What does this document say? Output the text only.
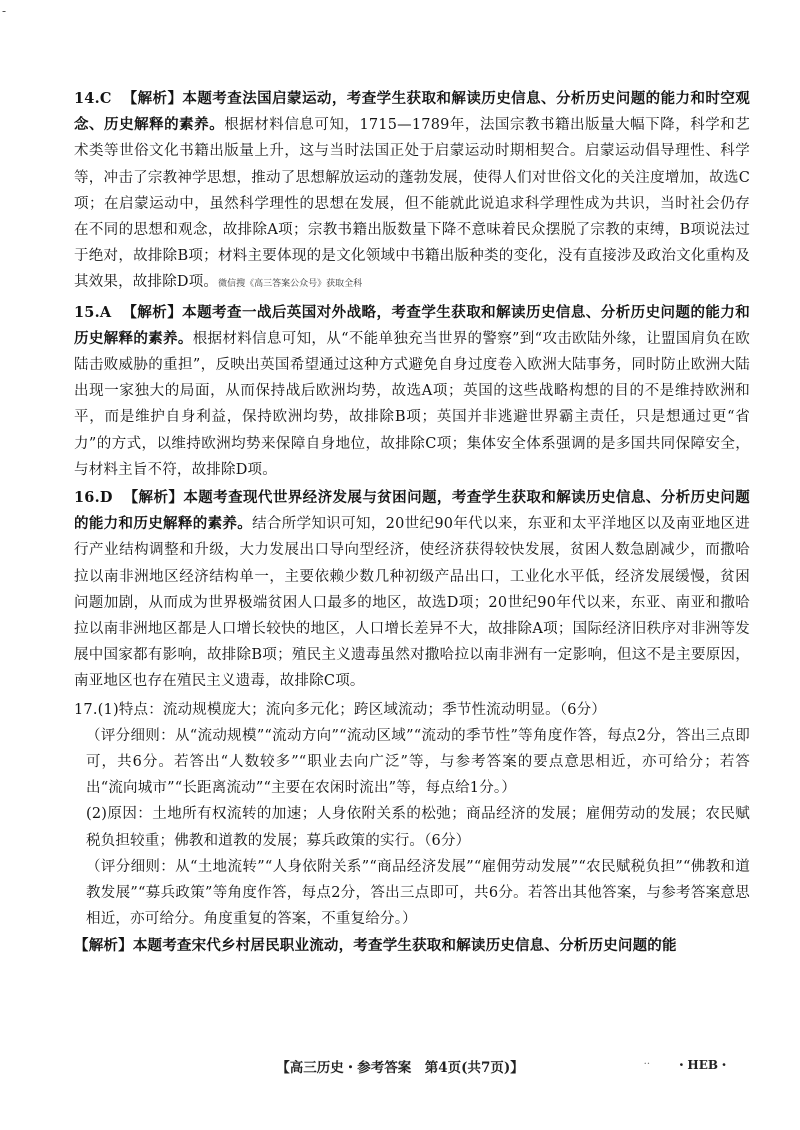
-

14.C 【解析】本题考查法国启蒙运动，考查学生获取和解读历史信息、分析历史问题的能力和时空观念、历史解释的素养。根据材料信息可知，1715—1789年，法国宗教书籍出版量大幅下降，科学和艺术类等世俗文化书籍出版量上升，这与当时法国正处于启蒙运动时期相契合。启蒙运动倡导理性、科学等，冲击了宗教神学思想，推动了思想解放运动的蓬勃发展，使得人们对世俗文化的关注度增加，故选C项；在启蒙运动中，虽然科学理性的思想在发展，但不能就此说追求科学理性成为共识，当时社会仍存在不同的思想和观念，故排除A项；宗教书籍出版数量下降不意味着民众摆脱了宗教的束缚，B项说法过于绝对，故排除B项；材料主要体现的是文化领域中书籍出版种类的变化，没有直接涉及政治文化重构及其效果，故排除D项。微信搜《高三答案公众号》获取全科

15.A 【解析】本题考查一战后英国对外战略，考查学生获取和解读历史信息、分析历史问题的能力和历史解释的素养。根据材料信息可知，从“不能单独充当世界的警察”到“攻击欧陆外缘，让盟国肩负在欧陆击败威胁的重担”，反映出英国希望通过这种方式避免自身过度卷入欧洲大陆事务，同时防止欧洲大陆出现一家独大的局面，从而保持战后欧洲均势，故选A项；英国的这些战略构想的目的不是维持欧洲和平，而是维护自身利益，保持欧洲均势，故排除B项；英国并非逃避世界霸主责任，只是想通过更“省力”的方式，以维持欧洲均势来保障自身地位，故排除C项；集体安全体系强调的是多国共同保障安全，与材料主旨不符，故排除D项。

16.D 【解析】本题考查现代世界经济发展与贫困问题，考查学生获取和解读历史信息、分析历史问题的能力和历史解释的素养。结合所学知识可知，20世纪90年代以来，东亚和太平洋地区以及南亚地区进行产业结构调整和升级，大力发展出口导向型经济，使经济获得较快发展，贫困人数急剧减少，而撒哈拉以南非洲地区经济结构单一，主要依赖少数几种初级产品出口，工业化水平低，经济发展缓慢，贫困问题加剧，从而成为世界极端贫困人口最多的地区，故选D项；20世纪90年代以来，东亚、南亚和撒哈拉以南非洲地区都是人口增长较快的地区，人口增长差异不大，故排除A项；国际经济旧秩序对非洲等发展中国家都有影响，故排除B项；殖民主义遗毒虽然对撒哈拉以南非洲有一定影响，但这不是主要原因，南亚地区也存在殖民主义遗毒，故排除C项。

17.(1)特点：流动规模庞大；流向多元化；跨区域流动；季节性流动明显。（6分）

（评分细则：从“流动规模”“流动方向”“流动区域”“流动的季节性”等角度作答，每点2分，答出三点即可，共6分。若答出“人数较多”“职业去向广泛”等，与参考答案的要点意思相近，亦可给分；若答出“流向城市”“长距离流动”“主要在农闲时流出”等，每点给1分。）

(2)原因：土地所有权流转的加速；人身依附关系的松弛；商品经济的发展；雇佣劳动的发展；农民赋税负担较重；佛教和道教的发展；募兵政策的实行。（6分）

（评分细则：从“土地流转”“人身依附关系”“商品经济发展”“雇佣劳动发展”“农民赋税负担”“佛教和道教发展”“募兵政策”等角度作答，每点2分，答出三点即可，共6分。若答出其他答案，与参考答案意思相近，亦可给分。角度重复的答案，不重复给分。）

【解析】本题考查宋代乡村居民职业流动，考查学生获取和解读历史信息、分析历史问题的能

【高三历史・参考答案　第4页(共7页)】	.. ・HEB・
